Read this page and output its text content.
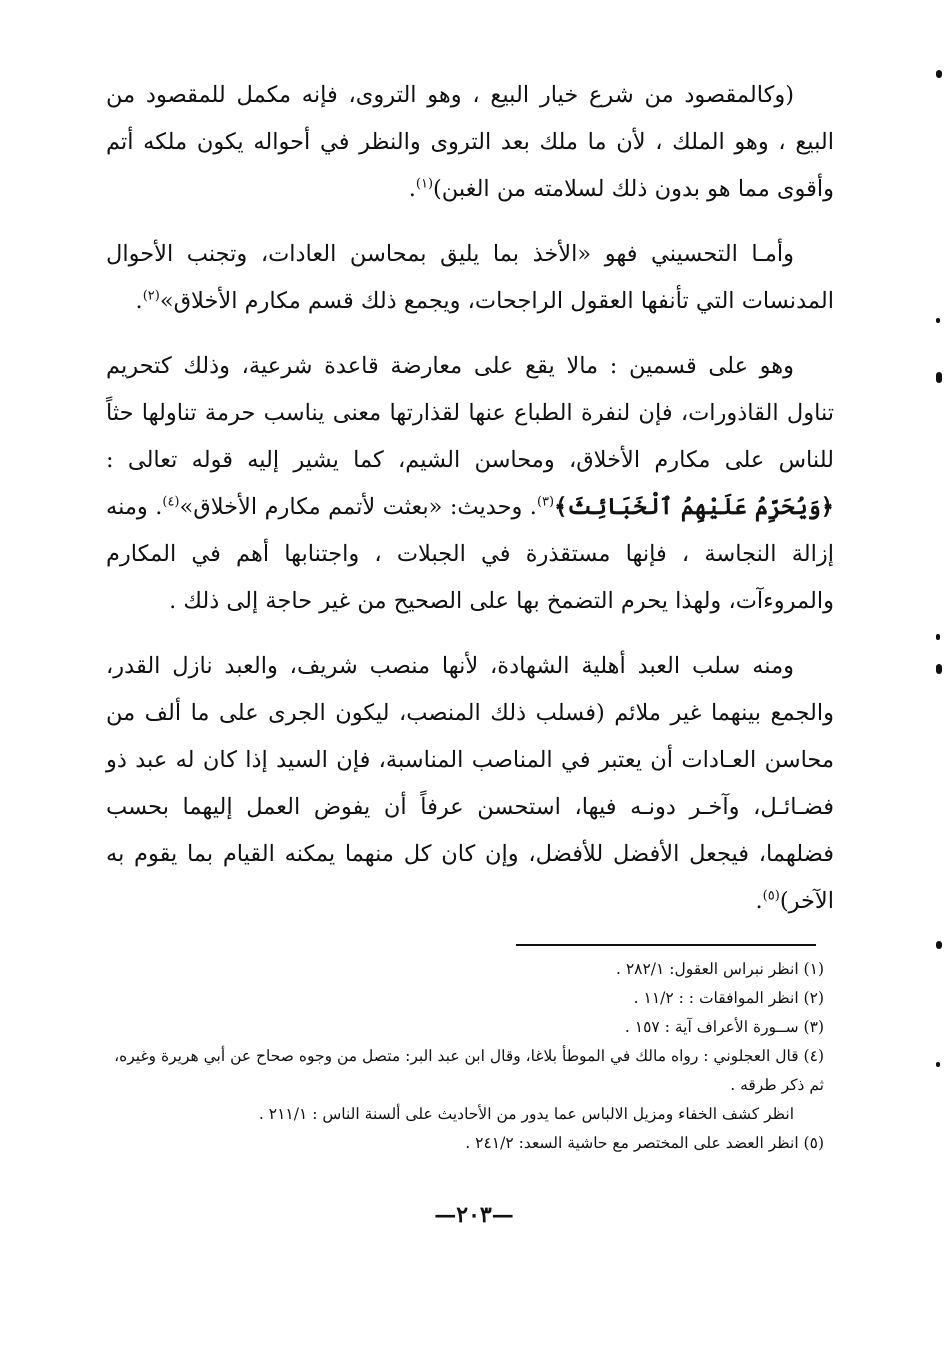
(وكالمقصود من شرع خيار البيع ، وهو التروى، فإنه مكمل للمقصود من البيع ، وهو الملك ، لأن ما ملك بعد التروى والنظر في أحواله يكون ملكه أتم وأقوى مما هو بدون ذلك لسلامته من الغبن)$^{(١)}$.

وأمـا التحسيني فهو «الأخذ بما يليق بمحاسن العادات، وتجنب الأحوال المدنسات التي تأنفها العقول الراجحات، ويجمع ذلك قسم مكارم الأخلاق»$^{(٢)}$.

وهو على قسمين : مالا يقع على معارضة قاعدة شرعية، وذلك كتحريم تناول القاذورات، فإن لنفرة الطباع عنها لقذارتها معنى يناسب حرمة تناولها حثاً للناس على مكارم الأخلاق، ومحاسن الشيم، كما يشير إليه قوله تعالى : ﴿وَيُحَرِّمُ عَلَيْهِمُ ٱلْخَبَائِثَ﴾$^{(٣)}$. وحديث: «بعثت لأتمم مكارم الأخلاق»$^{(٤)}$. ومنه إزالة النجاسة ، فإنها مستقذرة في الجبلات ، واجتنابها أهم في المكارم والمروءآت، ولهذا يحرم التضمخ بها على الصحيح من غير حاجة إلى ذلك .

ومنه سلب العبد أهلية الشهادة، لأنها منصب شريف، والعبد نازل القدر، والجمع بينهما غير ملائم (فسلب ذلك المنصب، ليكون الجرى على ما ألف من محاسن العـادات أن يعتبر في المناصب المناسبة، فإن السيد إذا كان له عبد ذو فضـائـل، وآخـر دونـه فيها، استحسن عرفاً أن يفوض العمل إليهما بحسب فضلهما، فيجعل الأفضل للأفضل، وإن كان كل منهما يمكنه القيام بما يقوم به الآخر)$^{(٥)}$.

(١) انظر نبراس العقول: ٢٨٢/١ .
(٢) انظر الموافقات : : ١١/٢ .
(٣) ســورة الأعراف آية : ١٥٧ .
(٤) قال العجلوني : رواه مالك في الموطأ بلاغا، وقال ابن عبد البر: متصل من وجوه صحاح عن أبي هريرة وغيره، ثم ذكر طرقه .
انظر كشف الخفاء ومزيل الالباس عما يدور من الأحاديث على ألسنة الناس : ٢١١/١ .
(٥) انظر العضد على المختصر مع حاشية السعد: ٢٤١/٢ .
—٢٠٣—
